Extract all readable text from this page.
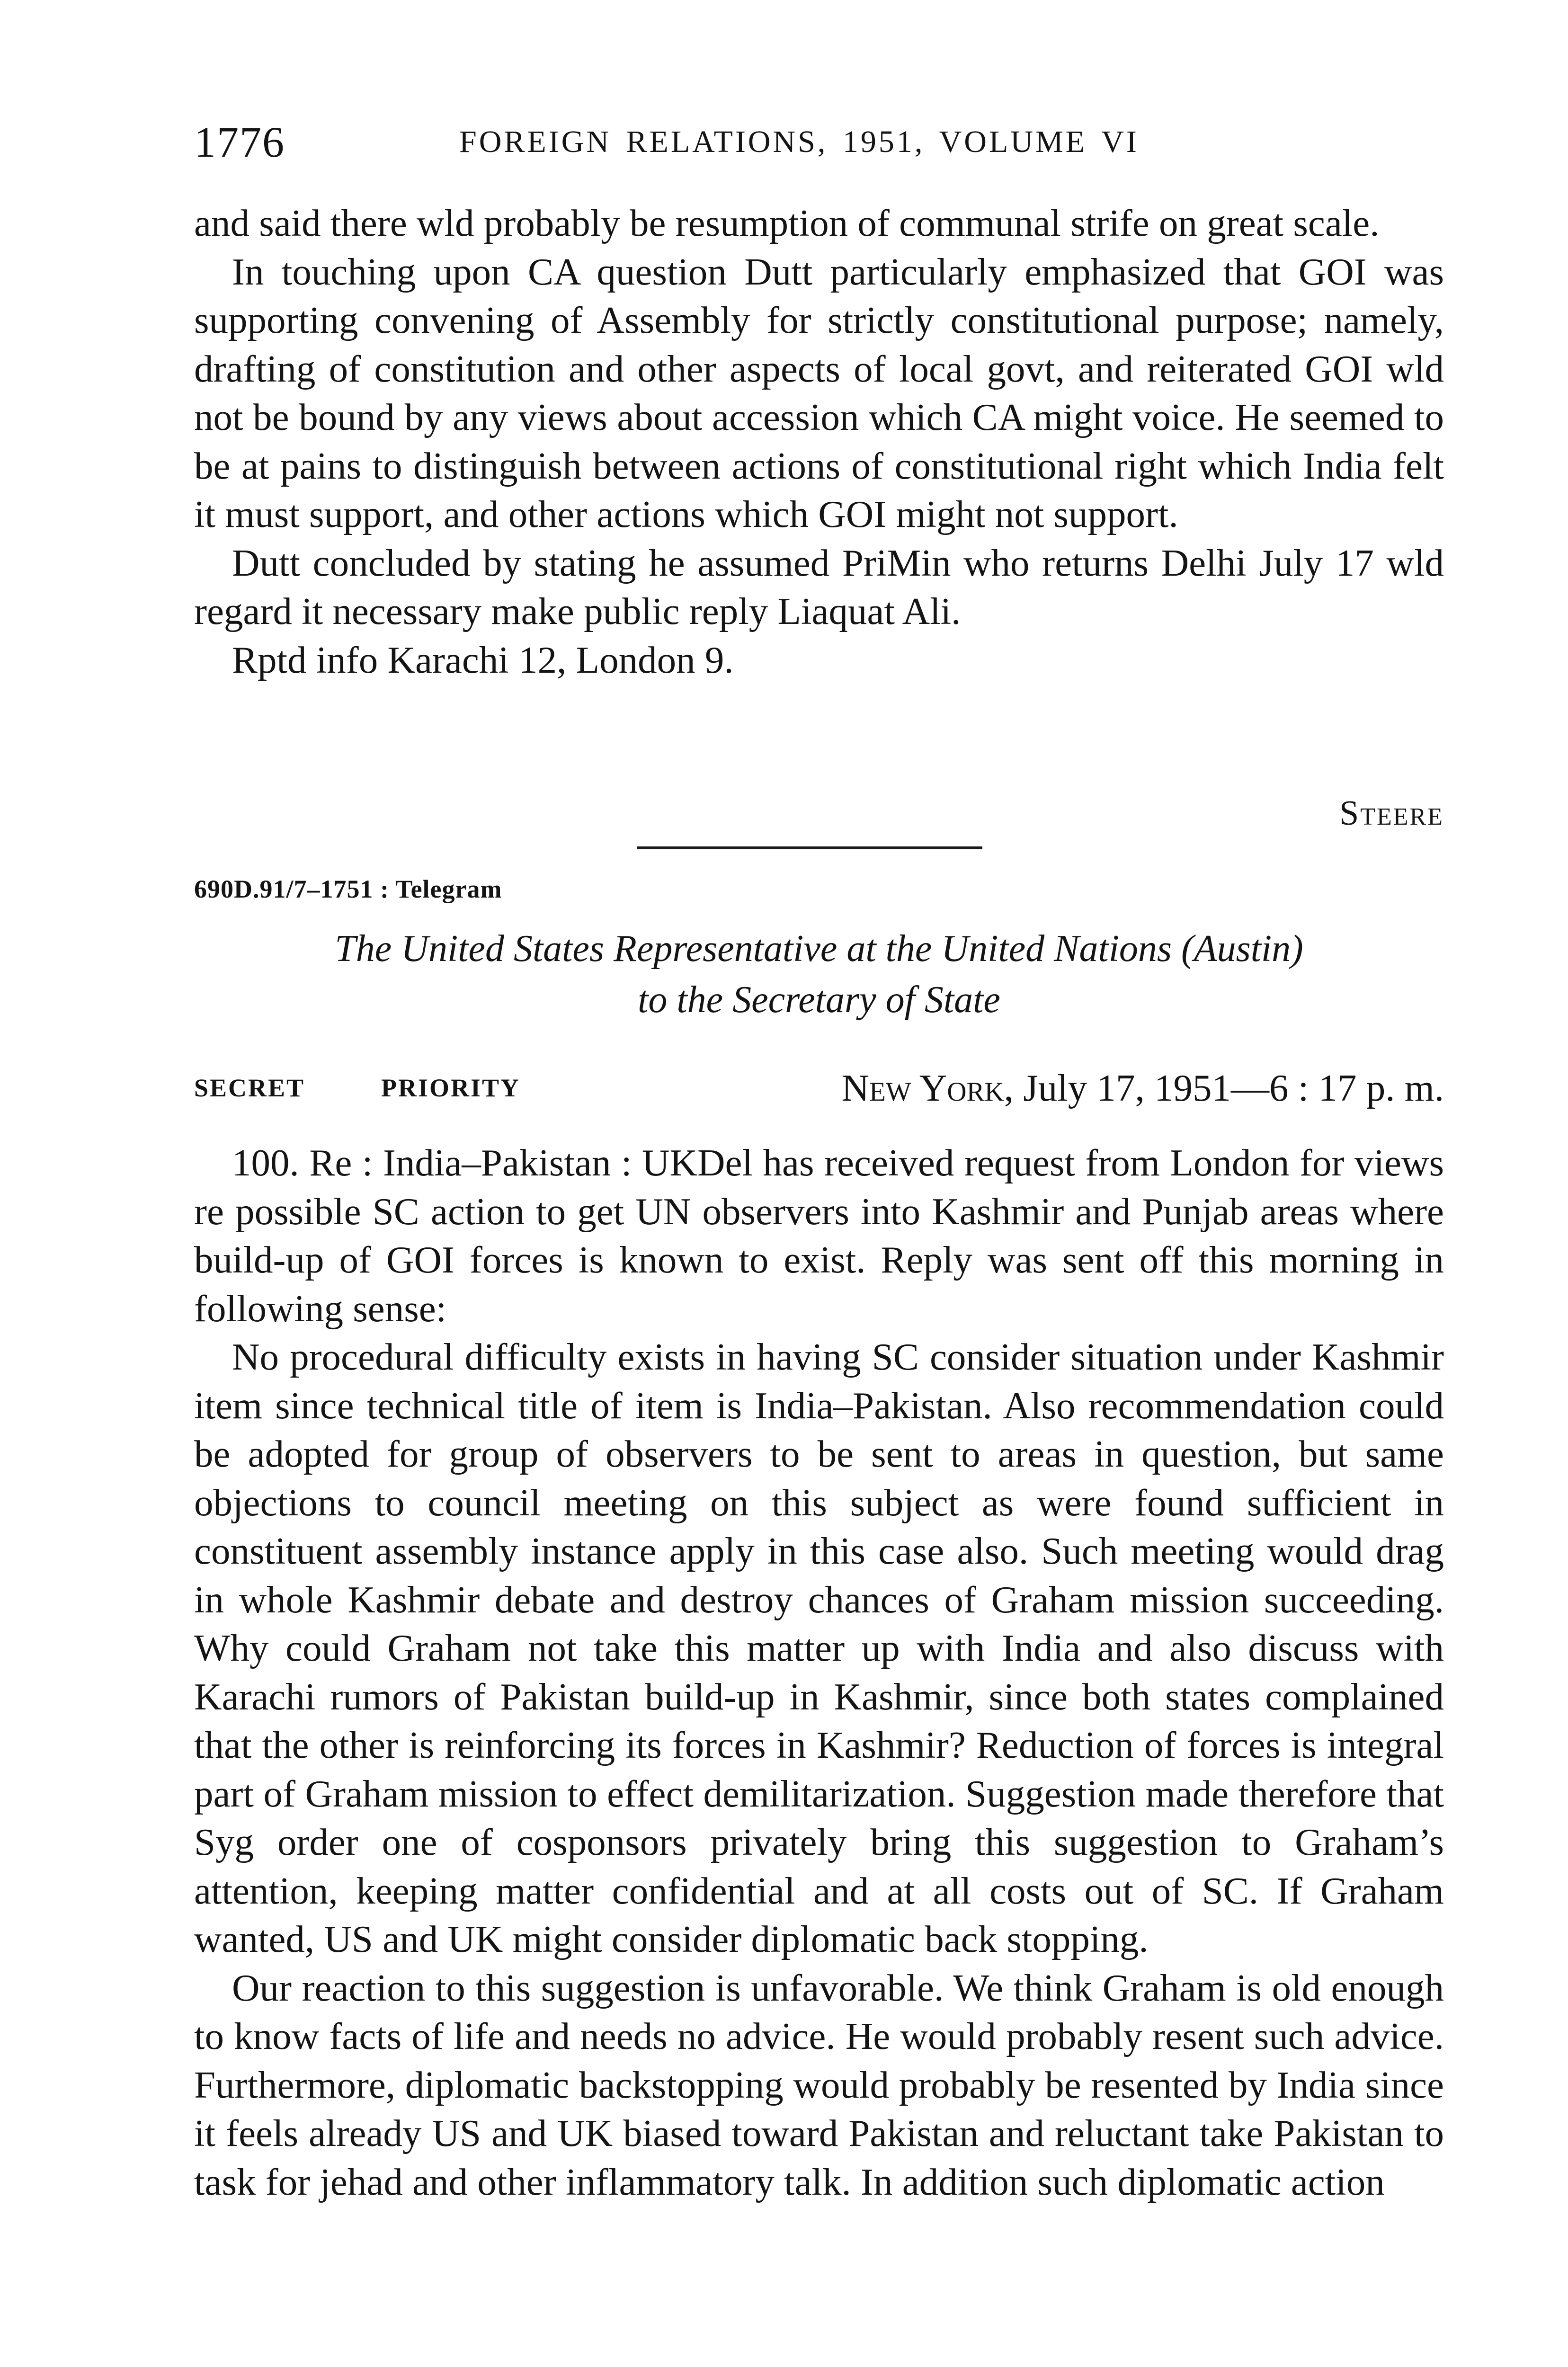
1776	FOREIGN RELATIONS, 1951, VOLUME VI

and said there wld probably be resumption of communal strife on great scale.

In touching upon CA question Dutt particularly emphasized that GOI was supporting convening of Assembly for strictly constitutional purpose; namely, drafting of constitution and other aspects of local govt, and reiterated GOI wld not be bound by any views about accession which CA might voice. He seemed to be at pains to distinguish between actions of constitutional right which India felt it must support, and other actions which GOI might not support.

Dutt concluded by stating he assumed PriMin who returns Delhi July 17 wld regard it necessary make public reply Liaquat Ali.

Rptd info Karachi 12, London 9.

Steere
690D.91/7–1751 : Telegram
The United States Representative at the United Nations (Austin)
to the Secretary of State
SECRET	PRIORITY	New York, July 17, 1951—6 : 17 p. m.

100. Re : India–Pakistan : UKDel has received request from London for views re possible SC action to get UN observers into Kashmir and Punjab areas where build-up of GOI forces is known to exist. Reply was sent off this morning in following sense:

No procedural difficulty exists in having SC consider situation under Kashmir item since technical title of item is India–Pakistan. Also recommendation could be adopted for group of observers to be sent to areas in question, but same objections to council meeting on this subject as were found sufficient in constituent assembly instance apply in this case also. Such meeting would drag in whole Kashmir debate and destroy chances of Graham mission succeeding. Why could Graham not take this matter up with India and also discuss with Karachi rumors of Pakistan build-up in Kashmir, since both states complained that the other is reinforcing its forces in Kashmir? Reduction of forces is integral part of Graham mission to effect demilitarization. Suggestion made therefore that Syg order one of cosponsors privately bring this suggestion to Graham’s attention, keeping matter confidential and at all costs out of SC. If Graham wanted, US and UK might consider diplomatic back stopping.

Our reaction to this suggestion is unfavorable. We think Graham is old enough to know facts of life and needs no advice. He would probably resent such advice. Furthermore, diplomatic backstopping would probably be resented by India since it feels already US and UK biased toward Pakistan and reluctant take Pakistan to task for jehad and other inflammatory talk. In addition such diplomatic action
